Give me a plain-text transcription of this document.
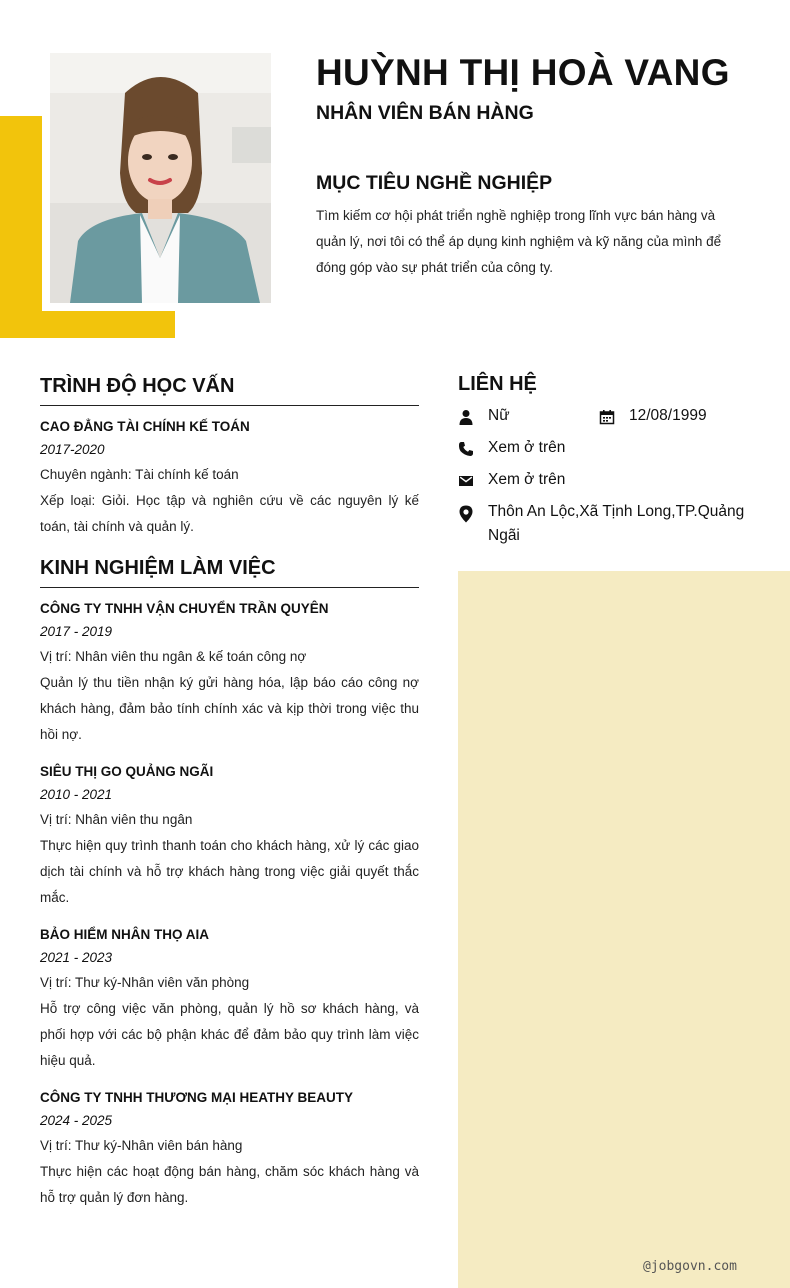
HUỲNH THỊ HOÀ VANG
NHÂN VIÊN BÁN HÀNG
MỤC TIÊU NGHỀ NGHIỆP

Tìm kiếm cơ hội phát triển nghề nghiệp trong lĩnh vực bán hàng và quản lý, nơi tôi có thể áp dụng kinh nghiệm và kỹ năng của mình để đóng góp vào sự phát triển của công ty.

TRÌNH ĐỘ HỌC VẤN

CAO ĐẲNG TÀI CHÍNH KẾ TOÁN

2017-2020

Chuyên ngành: Tài chính kế toán

Xếp loại: Giỏi. Học tập và nghiên cứu về các nguyên lý kế toán, tài chính và quản lý.

KINH NGHIỆM LÀM VIỆC

CÔNG TY TNHH VẬN CHUYỂN TRẦN QUYÊN

2017 - 2019

Vị trí: Nhân viên thu ngân & kế toán công nợ

Quản lý thu tiền nhận ký gửi hàng hóa, lập báo cáo công nợ khách hàng, đảm bảo tính chính xác và kịp thời trong việc thu hồi nợ.

SIÊU THỊ GO QUẢNG NGÃI

2010 - 2021

Vị trí: Nhân viên thu ngân

Thực hiện quy trình thanh toán cho khách hàng, xử lý các giao dịch tài chính và hỗ trợ khách hàng trong việc giải quyết thắc mắc.

BẢO HIỂM NHÂN THỌ AIA

2021 - 2023

Vị trí: Thư ký-Nhân viên văn phòng

Hỗ trợ công việc văn phòng, quản lý hồ sơ khách hàng, và phối hợp với các bộ phận khác để đảm bảo quy trình làm việc hiệu quả.

CÔNG TY TNHH THƯƠNG MẠI HEATHY BEAUTY

2024 - 2025

Vị trí: Thư ký-Nhân viên bán hàng

Thực hiện các hoạt động bán hàng, chăm sóc khách hàng và hỗ trợ quản lý đơn hàng.

LIÊN HỆ
Nữ	12/08/1999
Xem ở trên
Xem ở trên
Thôn An Lộc,Xã Tịnh Long,TP.Quảng Ngãi
@jobgovn.com
